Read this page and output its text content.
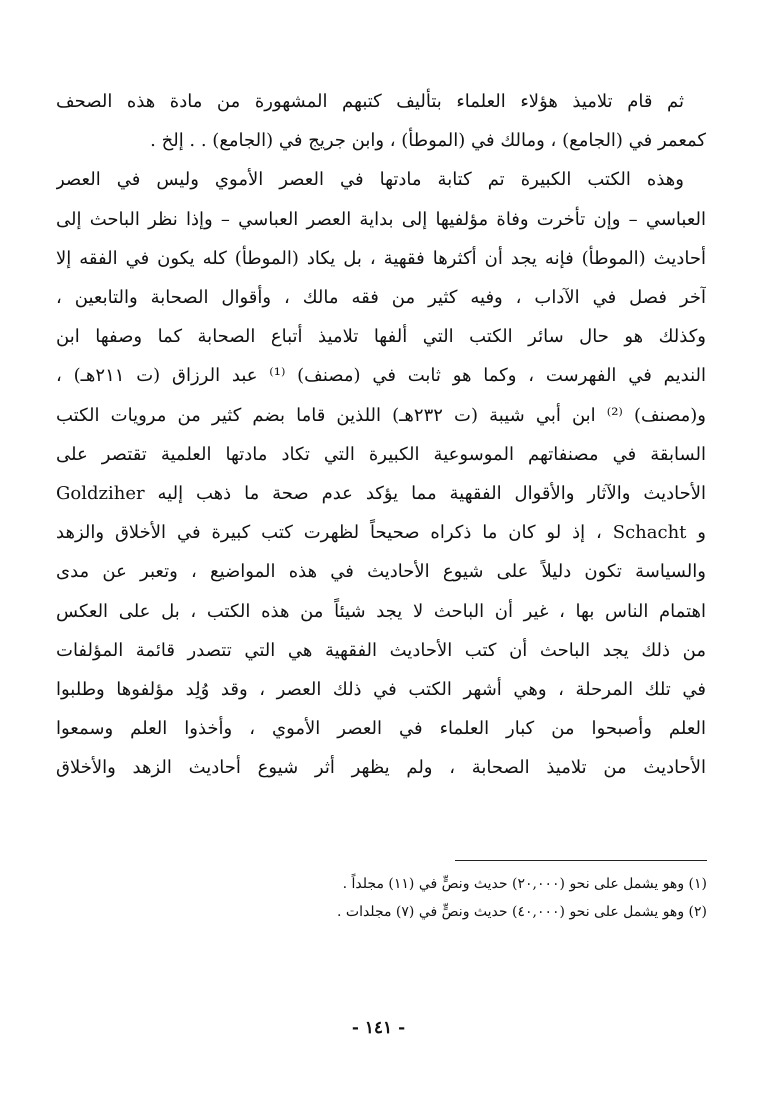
ثم قام تلاميذ هؤلاء العلماء بتأليف كتبهم المشهورة من مادة هذه الصحف
كمعمر في (الجامع) ، ومالك في (الموطأ) ، وابن جريج في (الجامع) . . إلخ .
وهذه الكتب الكبيرة تم كتابة مادتها في العصر الأموي وليس في العصر
العباسي – وإن تأخرت وفاة مؤلفيها إلى بداية العصر العباسي – وإذا نظر الباحث إلى
أحاديث (الموطأ) فإنه يجد أن أكثرها فقهية ، بل يكاد (الموطأ) كله يكون في الفقه إلا
آخر فصل في الآداب ، وفيه كثير من فقه مالك ، وأقوال الصحابة والتابعين ،
وكذلك هو حال سائر الكتب التي ألفها تلاميذ أتباع الصحابة كما وصفها ابن
النديم في الفهرست ، وكما هو ثابت في (مصنف) ⁽¹⁾ عبد الرزاق (ت ٢١١هـ) ،
و(مصنف) ⁽²⁾ ابن أبي شيبة (ت ٢٣٢هـ) اللذين قاما بضم كثير من مرويات الكتب
السابقة في مصنفاتهم الموسوعية الكبيرة التي تكاد مادتها العلمية تقتصر على
الأحاديث والآثار والأقوال الفقهية مما يؤكد عدم صحة ما ذهب إليه Goldziher
و Schacht ، إذ لو كان ما ذكراه صحيحاً لظهرت كتب كبيرة في الأخلاق والزهد
والسياسة تكون دليلاً على شيوع الأحاديث في هذه المواضيع ، وتعبر عن مدى
اهتمام الناس بها ، غير أن الباحث لا يجد شيئاً من هذه الكتب ، بل على العكس
من ذلك يجد الباحث أن كتب الأحاديث الفقهية هي التي تتصدر قائمة المؤلفات
في تلك المرحلة ، وهي أشهر الكتب في ذلك العصر ، وقد وُلِد مؤلفوها وطلبوا
العلم وأصبحوا من كبار العلماء في العصر الأموي ، وأخذوا العلم وسمعوا
الأحاديث من تلاميذ الصحابة ، ولم يظهر أثر شيوع أحاديث الزهد والأخلاق
(١) وهو يشمل على نحو (٢٠,٠٠٠) حديث ونصٍّ في (١١) مجلداً .
(٢) وهو يشمل على نحو (٤٠,٠٠٠) حديث ونصٍّ في (٧) مجلدات .
- ١٤١ -
